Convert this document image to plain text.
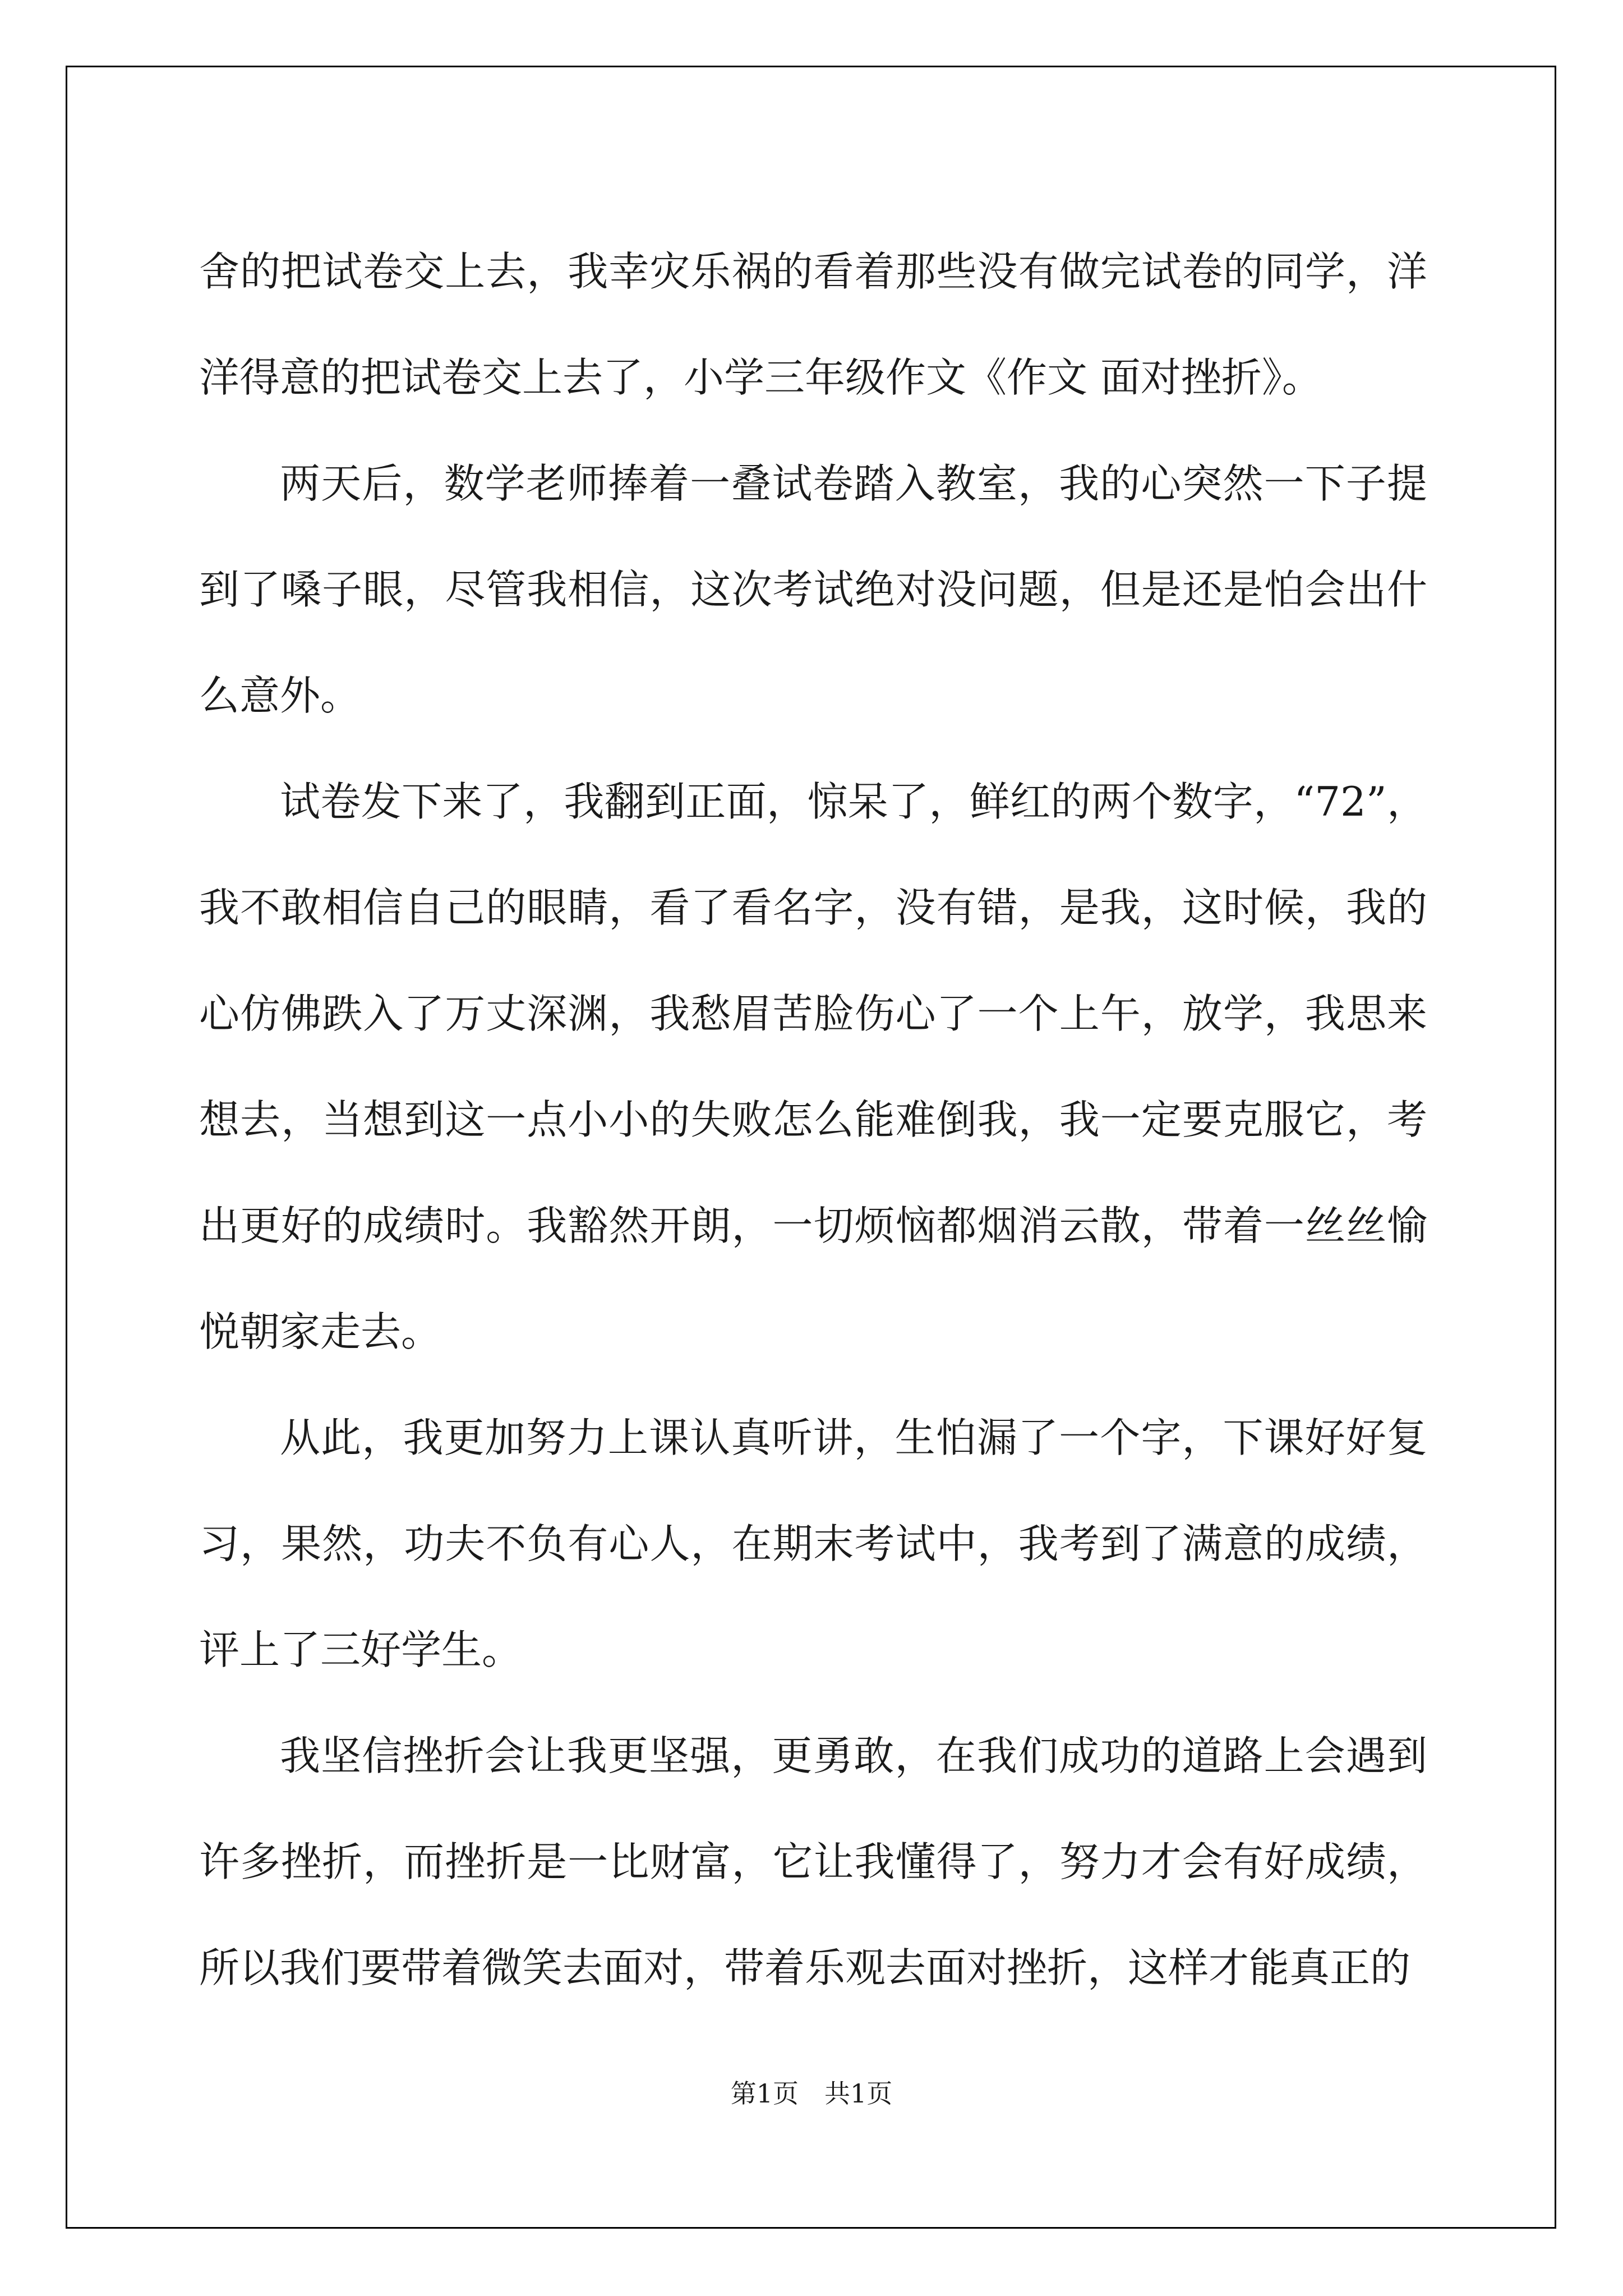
舍的把试卷交上去，我幸灾乐祸的看着那些没有做完试卷的同学，洋洋得意的把试卷交上去了，小学三年级作文《作文 面对挫折》。

两天后，数学老师捧着一叠试卷踏入教室，我的心突然一下子提到了嗓子眼，尽管我相信，这次考试绝对没问题，但是还是怕会出什么意外。

试卷发下来了，我翻到正面，惊呆了，鲜红的两个数字，“72”，我不敢相信自己的眼睛，看了看名字，没有错，是我，这时候，我的心仿佛跌入了万丈深渊，我愁眉苦脸伤心了一个上午，放学，我思来想去，当想到这一点小小的失败怎么能难倒我，我一定要克服它，考出更好的成绩时。我豁然开朗，一切烦恼都烟消云散，带着一丝丝愉悦朝家走去。

从此，我更加努力上课认真听讲，生怕漏了一个字，下课好好复习，果然，功夫不负有心人，在期末考试中，我考到了满意的成绩，评上了三好学生。

我坚信挫折会让我更坚强，更勇敢，在我们成功的道路上会遇到许多挫折，而挫折是一比财富，它让我懂得了，努力才会有好成绩，所以我们要带着微笑去面对，带着乐观去面对挫折，这样才能真正的

第1页 共1页
